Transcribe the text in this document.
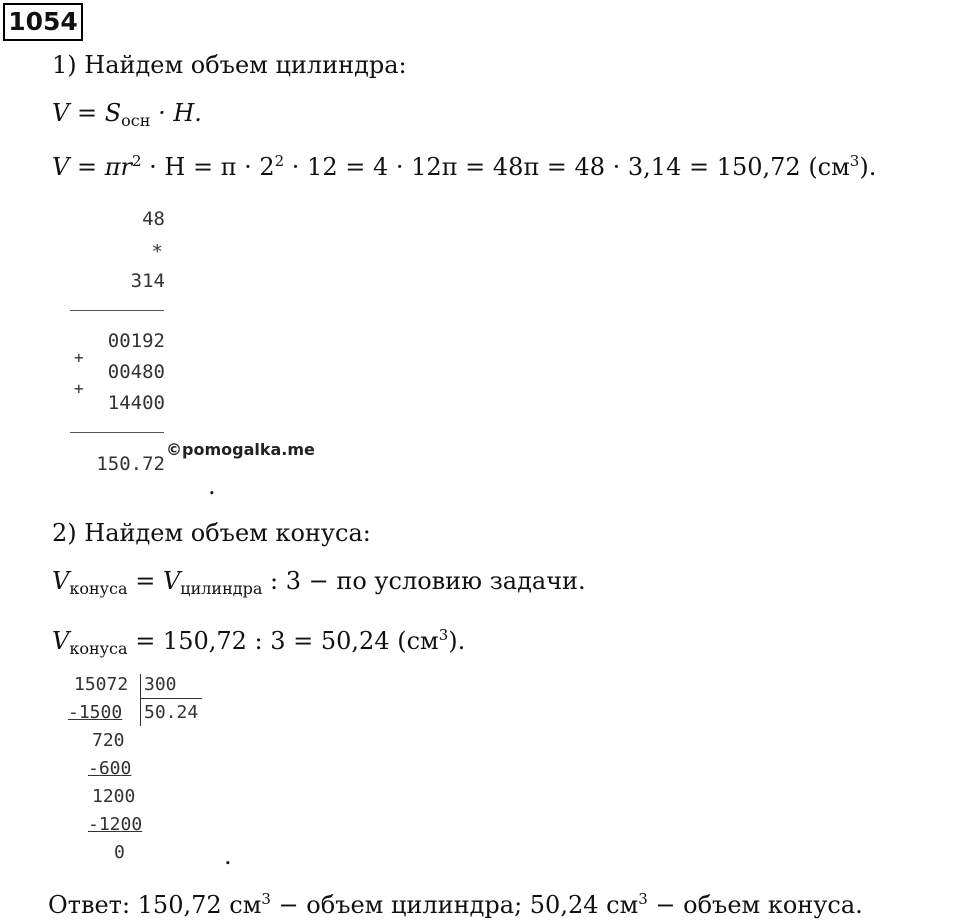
1054
1) Найдем объем цилиндра:
$V = S_{осн} \cdot H$.
$V = \pi r^2 \cdot H = \pi \cdot 2^2 \cdot 12 = 4 \cdot 12\pi = 48\pi = 48 \cdot 3,14 = 150,72$ $(см^3)$.
48
*
314
00192
+
00480
+
14400
150.72
©pomogalka.me
.
2) Найдем объем конуса:
$V_{конуса} = V_{цилиндра}$ : 3 − по условию задачи.
$V_{конуса} = 150,72$ : 3 = 50,24 $(см^3)$.
15072 300
-1500 50.24
720
-600
1200
-1200
0	.
Ответ: 150,72 $см^3$ − объем цилиндра; 50,24 $см^3$ − объем конуса.
